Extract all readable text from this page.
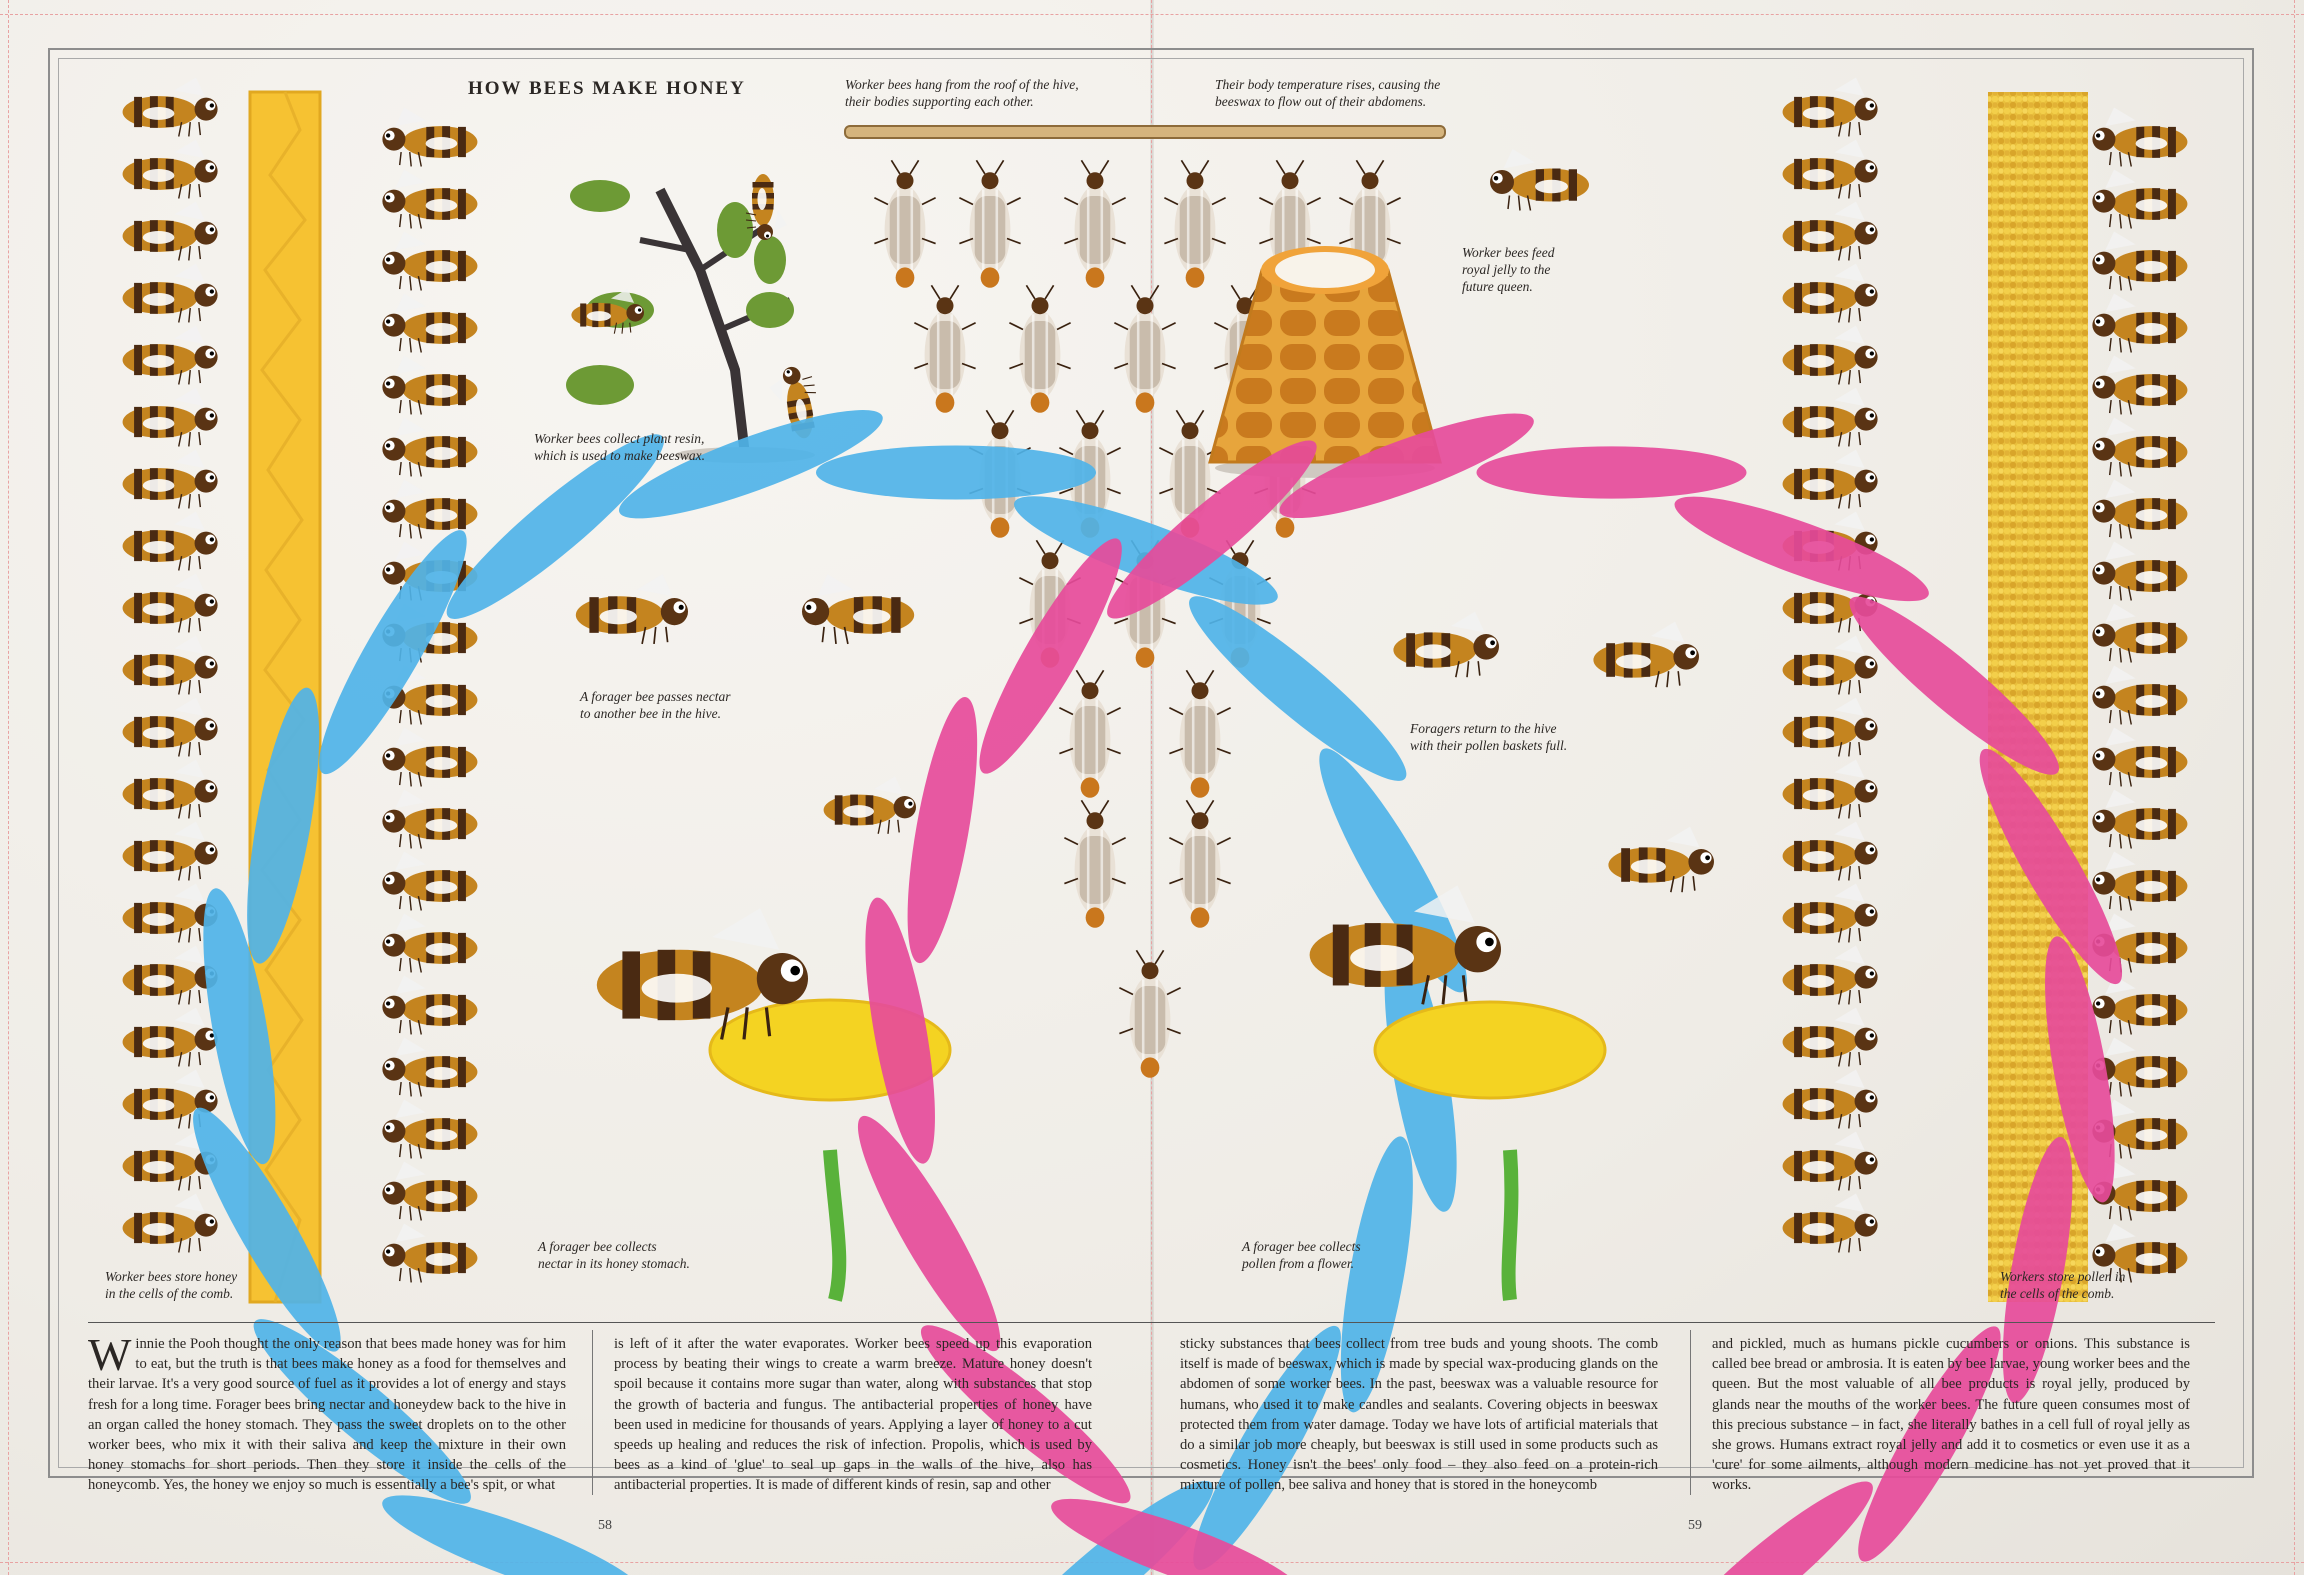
HOW BEES MAKE HONEY
Worker bees store honey
in the cells of the comb.
Worker bees collect plant resin,
which is used to make beeswax.
Worker bees hang from the roof of the hive,
their bodies supporting each other.
Their body temperature rises, causing the
beeswax to flow out of their abdomens.
Worker bees feed
royal jelly to the
future queen.
A forager bee passes nectar
to another bee in the hive.
Foragers return to the hive
with their pollen baskets full.
A forager bee collects
nectar in its honey stomach.
A forager bee collects
pollen from a flower.
Workers store pollen in
the cells of the comb.
Winnie the Pooh thought the only reason that bees made honey was for him to eat, but the truth is that bees make honey as a food for themselves and their larvae. It's a very good source of fuel as it provides a lot of energy and stays fresh for a long time. Forager bees bring nectar and honeydew back to the hive in an organ called the honey stomach. They pass the sweet droplets on to the other worker bees, who mix it with their saliva and keep the mixture in their own honey stomachs for short periods. Then they store it inside the cells of the honeycomb. Yes, the honey we enjoy so much is essentially a bee's spit, or what
is left of it after the water evaporates. Worker bees speed up this evaporation process by beating their wings to create a warm breeze. Mature honey doesn't spoil because it contains more sugar than water, along with substances that stop the growth of bacteria and fungus. The antibacterial properties of honey have been used in medicine for thousands of years. Applying a layer of honey to a cut speeds up healing and reduces the risk of infection. Propolis, which is used by bees as a kind of 'glue' to seal up gaps in the walls of the hive, also has antibacterial properties. It is made of different kinds of resin, sap and other
sticky substances that bees collect from tree buds and young shoots. The comb itself is made of beeswax, which is made by special wax-producing glands on the abdomen of some worker bees. In the past, beeswax was a valuable resource for humans, who used it to make candles and sealants. Covering objects in beeswax protected them from water damage. Today we have lots of artificial materials that do a similar job more cheaply, but beeswax is still used in some products such as cosmetics. Honey isn't the bees' only food – they also feed on a protein-rich mixture of pollen, bee saliva and honey that is stored in the honeycomb
and pickled, much as humans pickle cucumbers or onions. This substance is called bee bread or ambrosia. It is eaten by bee larvae, young worker bees and the queen. But the most valuable of all bee products is royal jelly, produced by glands near the mouths of the worker bees. The future queen consumes most of this precious substance – in fact, she literally bathes in a cell full of royal jelly as she grows. Humans extract royal jelly and add it to cosmetics or even use it as a 'cure' for some ailments, although modern medicine has not yet proved that it works.
58	59
